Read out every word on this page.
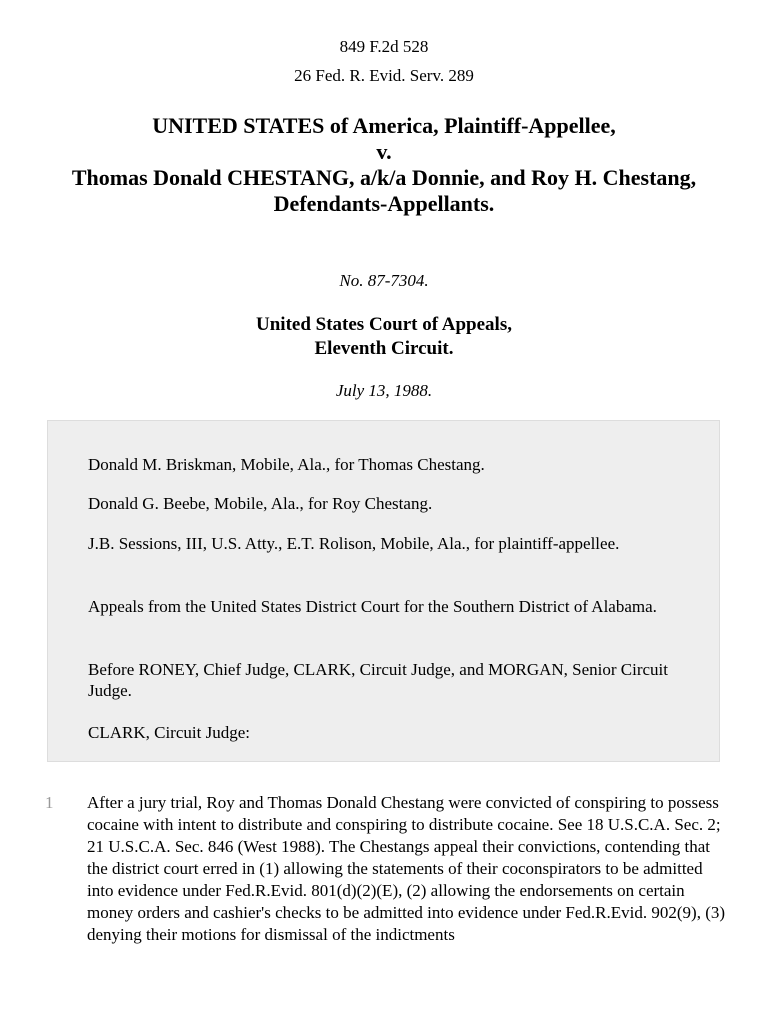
849 F.2d 528
26 Fed. R. Evid. Serv. 289
UNITED STATES of America, Plaintiff-Appellee,
v.
Thomas Donald CHESTANG, a/k/a Donnie, and Roy H. Chestang,
Defendants-Appellants.
No. 87-7304.
United States Court of Appeals,
Eleventh Circuit.
July 13, 1988.

Donald M. Briskman, Mobile, Ala., for Thomas Chestang.

Donald G. Beebe, Mobile, Ala., for Roy Chestang.

J.B. Sessions, III, U.S. Atty., E.T. Rolison, Mobile, Ala., for plaintiff-appellee.

Appeals from the United States District Court for the Southern District of Alabama.

Before RONEY, Chief Judge, CLARK, Circuit Judge, and MORGAN, Senior Circuit Judge.

CLARK, Circuit Judge:

1 After a jury trial, Roy and Thomas Donald Chestang were convicted of conspiring to possess cocaine with intent to distribute and conspiring to distribute cocaine. See 18 U.S.C.A. Sec. 2; 21 U.S.C.A. Sec. 846 (West 1988). The Chestangs appeal their convictions, contending that the district court erred in (1) allowing the statements of their coconspirators to be admitted into evidence under Fed.R.Evid. 801(d)(2)(E), (2) allowing the endorsements on certain money orders and cashier's checks to be admitted into evidence under Fed.R.Evid. 902(9), (3) denying their motions for dismissal of the indictments
